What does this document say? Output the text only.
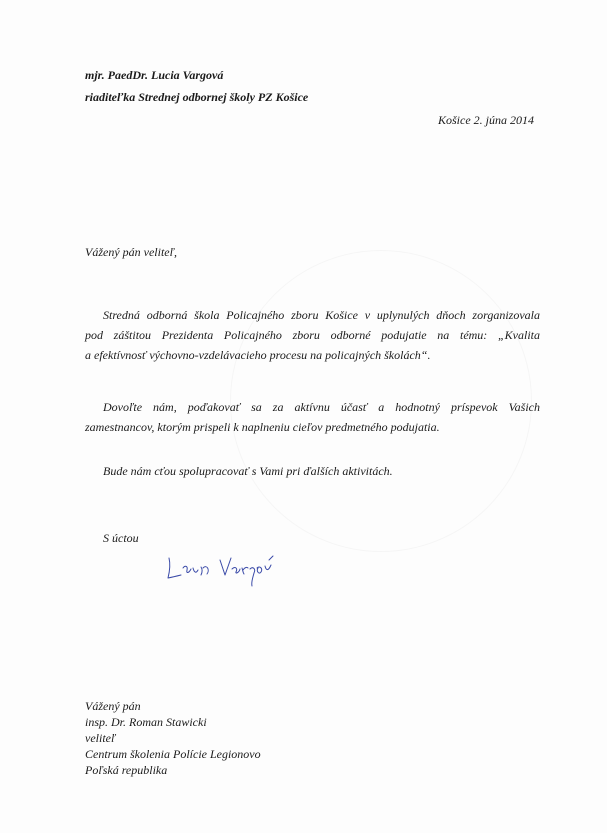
mjr. PaedDr. Lucia Vargová
riaditeľka Strednej odbornej školy PZ Košice
Košice 2. júna 2014
Vážený pán veliteľ,
Stredná odborná škola Policajného zboru Košice v uplynulých dňoch zorganizovala
pod záštitou Prezidenta Policajného zboru odborné podujatie na tému: „Kvalita
a efektívnosť výchovno-vzdelávacieho procesu na policajných školách“.
Dovoľte nám, poďakovať sa za aktívnu účasť a hodnotný príspevok Vašich
zamestnancov, ktorým prispeli k naplneniu cieľov predmetného podujatia.
Bude nám cťou spolupracovať s Vami pri ďalších aktivitách.
S úctou
Vážený pán
insp. Dr. Roman Stawicki
veliteľ
Centrum školenia Polície Legionovo
Poľská republika
